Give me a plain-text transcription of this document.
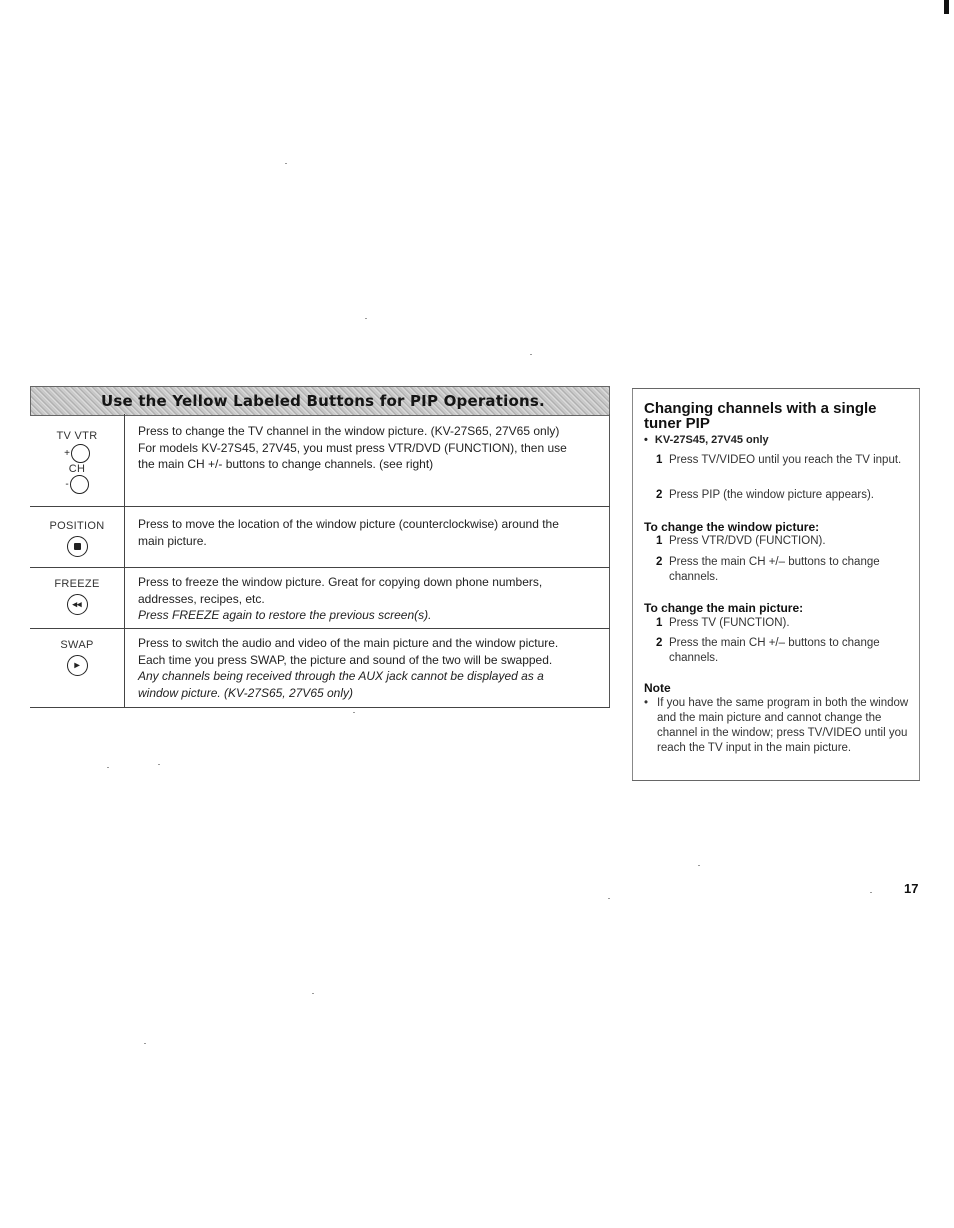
Use the Yellow Labeled Buttons for PIP Operations.
TV VTR
+
CH
-
Press to change the TV channel in the window picture. (KV-27S65, 27V65 only)
For models KV-27S45, 27V45, you must press VTR/DVD (FUNCTION), then use
the main CH +/- buttons to change channels. (see right)
POSITION	Press to move the location of the window picture (counterclockwise) around the
main picture.
FREEZE
◂◂
Press to freeze the window picture. Great for copying down phone numbers,
addresses, recipes, etc.
Press FREEZE again to restore the previous screen(s).
SWAP
▸
Press to switch the audio and video of the main picture and the window picture.
Each time you press SWAP, the picture and sound of the two will be swapped.
Any channels being received through the AUX jack cannot be displayed as a
window picture. (KV-27S65, 27V65 only)
Changing channels with a single
tuner PIP
• KV-27S45, 27V45 only
1 Press TV/VIDEO until you reach the TV input.
2 Press PIP (the window picture appears).
To change the window picture:
1 Press VTR/DVD (FUNCTION).
2 Press the main CH +/– buttons to change channels.
To change the main picture:
1 Press TV (FUNCTION).
2 Press the main CH +/– buttons to change channels.
Note
• If you have the same program in both the window and the main picture and cannot change the channel in the window; press TV/VIDEO until you reach the TV input in the main picture.
17
